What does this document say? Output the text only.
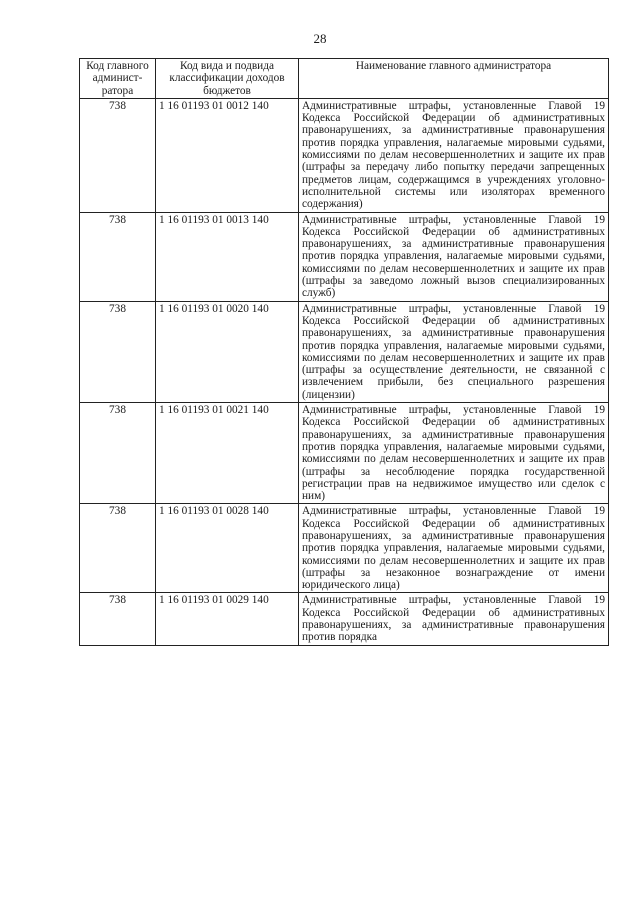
28
Код главного админист-ратора	Код вида и подвида классификации доходов бюджетов	Наименование главного администратора
738	1 16 01193 01 0012 140	Административные штрафы, установленные Главой 19 Кодекса Российской Федерации об административных правонарушениях, за административные правонарушения против порядка управления, налагаемые мировыми судьями, комиссиями по делам несовершеннолетних и защите их прав (штрафы за передачу либо попытку передачи запрещенных предметов лицам, содержащимся в учреждениях уголовно-исполнительной системы или изоляторах временного содержания)
738	1 16 01193 01 0013 140	Административные штрафы, установленные Главой 19 Кодекса Российской Федерации об административных правонарушениях, за административные правонарушения против порядка управления, налагаемые мировыми судьями, комиссиями по делам несовершеннолетних и защите их прав (штрафы за заведомо ложный вызов специализированных служб)
738	1 16 01193 01 0020 140	Административные штрафы, установленные Главой 19 Кодекса Российской Федерации об административных правонарушениях, за административные правонарушения против порядка управления, налагаемые мировыми судьями, комиссиями по делам несовершеннолетних и защите их прав (штрафы за осуществление деятельности, не связанной с извлечением прибыли, без специального разрешения (лицензии)
738	1 16 01193 01 0021 140	Административные штрафы, установленные Главой 19 Кодекса Российской Федерации об административных правонарушениях, за административные правонарушения против порядка управления, налагаемые мировыми судьями, комиссиями по делам несовершеннолетних и защите их прав (штрафы за несоблюдение порядка государственной регистрации прав на недвижимое имущество или сделок с ним)
738	1 16 01193 01 0028 140	Административные штрафы, установленные Главой 19 Кодекса Российской Федерации об административных правонарушениях, за административные правонарушения против порядка управления, налагаемые мировыми судьями, комиссиями по делам несовершеннолетних и защите их прав (штрафы за незаконное вознаграждение от имени юридического лица)
738	1 16 01193 01 0029 140	Административные штрафы, установленные Главой 19 Кодекса Российской Федерации об административных правонарушениях, за административные правонарушения против порядка
